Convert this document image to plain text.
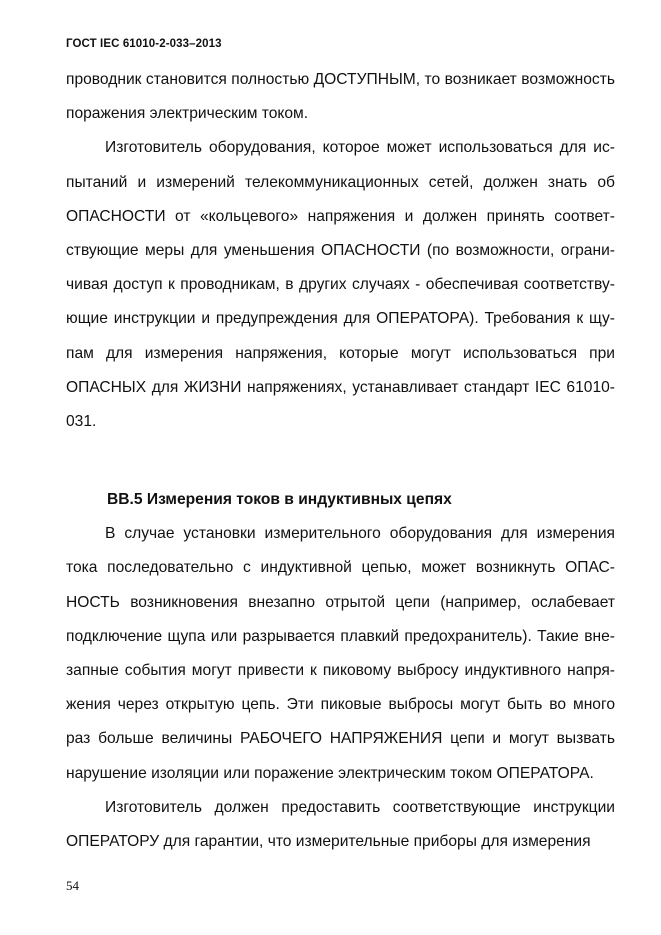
ГОСТ IEC 61010-2-033–2013

проводник становится полностью ДОСТУПНЫМ, то возникает возможность поражения электрическим током.

Изготовитель оборудования, которое может использоваться для испытаний и измерений телекоммуникационных сетей, должен знать об ОПАСНОСТИ от «кольцевого» напряжения и должен принять соответствующие меры для уменьшения ОПАСНОСТИ (по возможности, ограничивая доступ к проводникам, в других случаях - обеспечивая соответствующие инструкции и предупреждения для ОПЕРАТОРА). Требования к щупам для измерения напряжения, которые могут использоваться при ОПАСНЫХ для ЖИЗНИ напряжениях, устанавливает стандарт IEC 61010-031.

BB.5 Измерения токов в индуктивных цепях

В случае установки измерительного оборудования для измерения тока последовательно с индуктивной цепью, может возникнуть ОПАСНОСТЬ возникновения внезапно отрытой цепи (например, ослабевает подключение щупа или разрывается плавкий предохранитель). Такие внезапные события могут привести к пиковому выбросу индуктивного напряжения через открытую цепь. Эти пиковые выбросы могут быть во много раз больше величины РАБОЧЕГО НАПРЯЖЕНИЯ цепи и могут вызвать нарушение изоляции или поражение электрическим током ОПЕРАТОРА.

Изготовитель должен предоставить соответствующие инструкции ОПЕРАТОРУ для гарантии, что измерительные приборы для измерения

54
